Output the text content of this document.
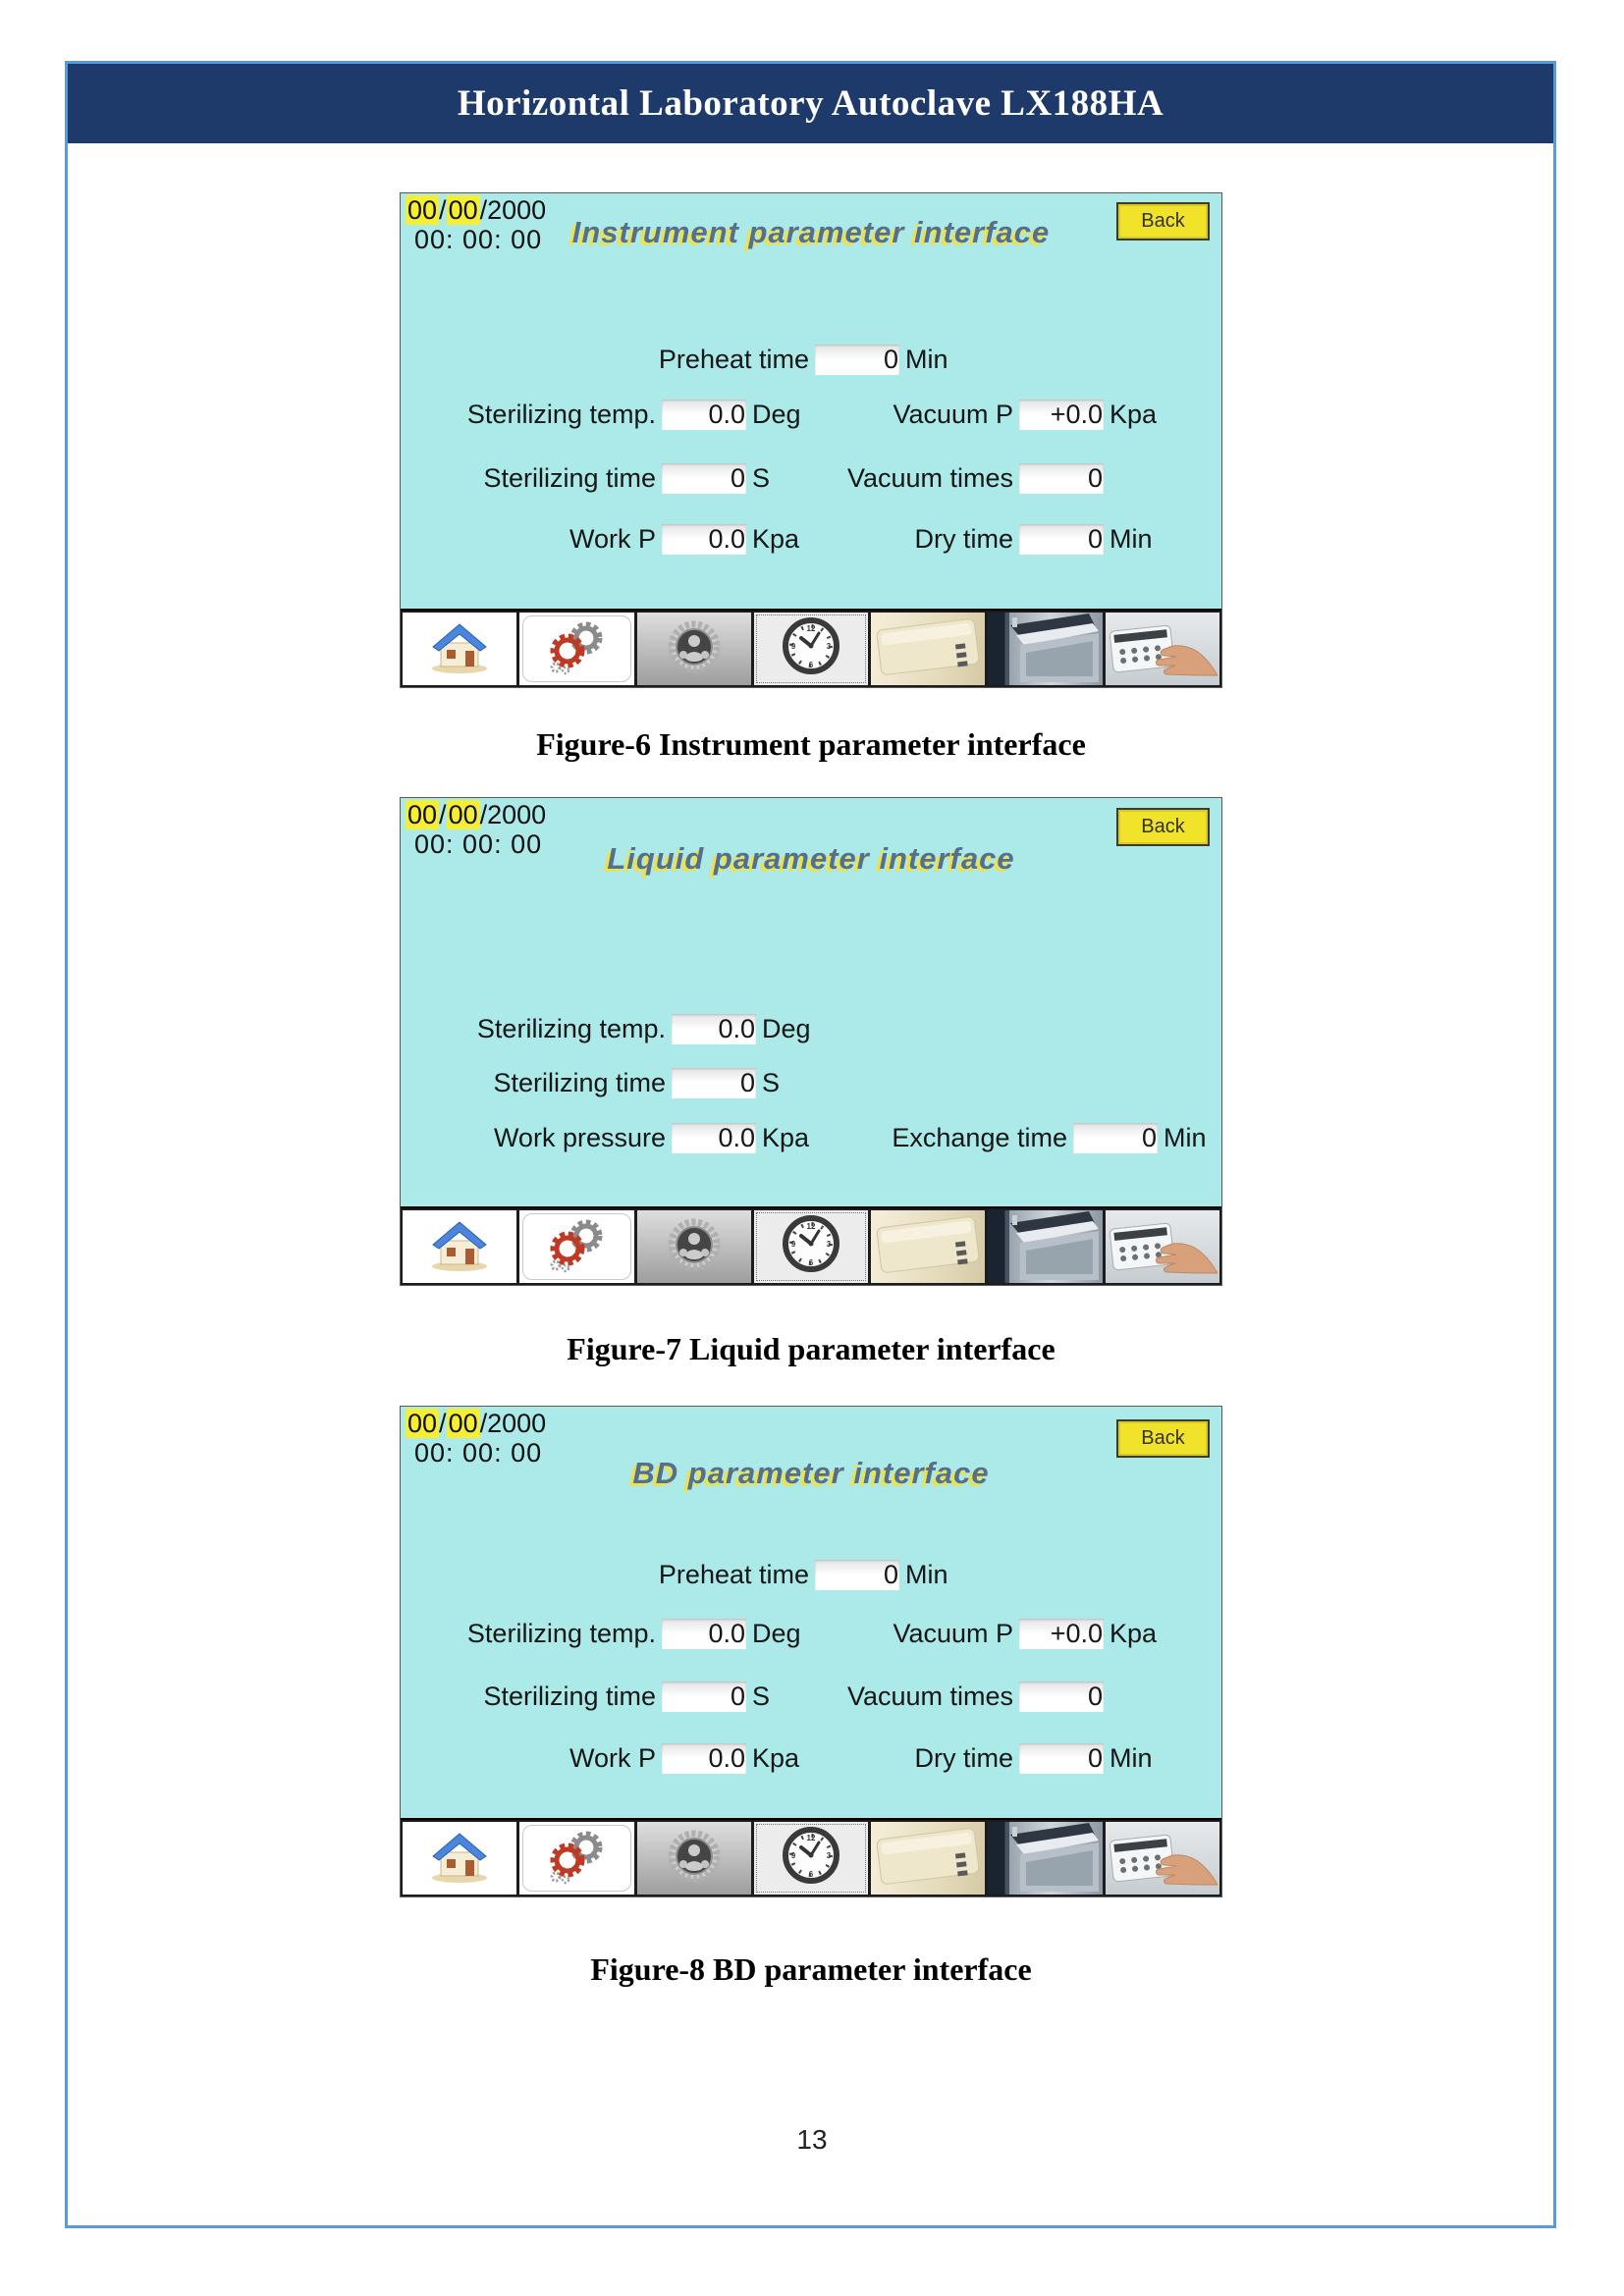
Horizontal Laboratory Autoclave LX188HA
00/00/2000
00: 00: 00 Instrument parameter interface	Back
Preheat time	0 Min
Sterilizing temp. 0.0 Deg	Vacuum P +0.0 Kpa
Sterilizing time	0 S	Vacuum times	0
Work P 0.0 Kpa	Dry time	0 Min
12
3
6
9
Figure-6 Instrument parameter interface
00/00/2000
00: 00: 00	Liquid parameter interface
Back
Sterilizing temp. 0.0 Deg
Sterilizing time	0 S
Work pressure 0.0 Kpa	Exchange time	0 Min
12
3
6
9
Figure-7 Liquid parameter interface
00/00/2000
00: 00: 00
BD parameter interface
Back
Preheat time	0 Min
Sterilizing temp. 0.0 Deg	Vacuum P +0.0 Kpa
Sterilizing time	0 S	Vacuum times	0
Work P 0.0 Kpa	Dry time	0 Min
12
3
6
9
Figure-8 BD parameter interface
13
